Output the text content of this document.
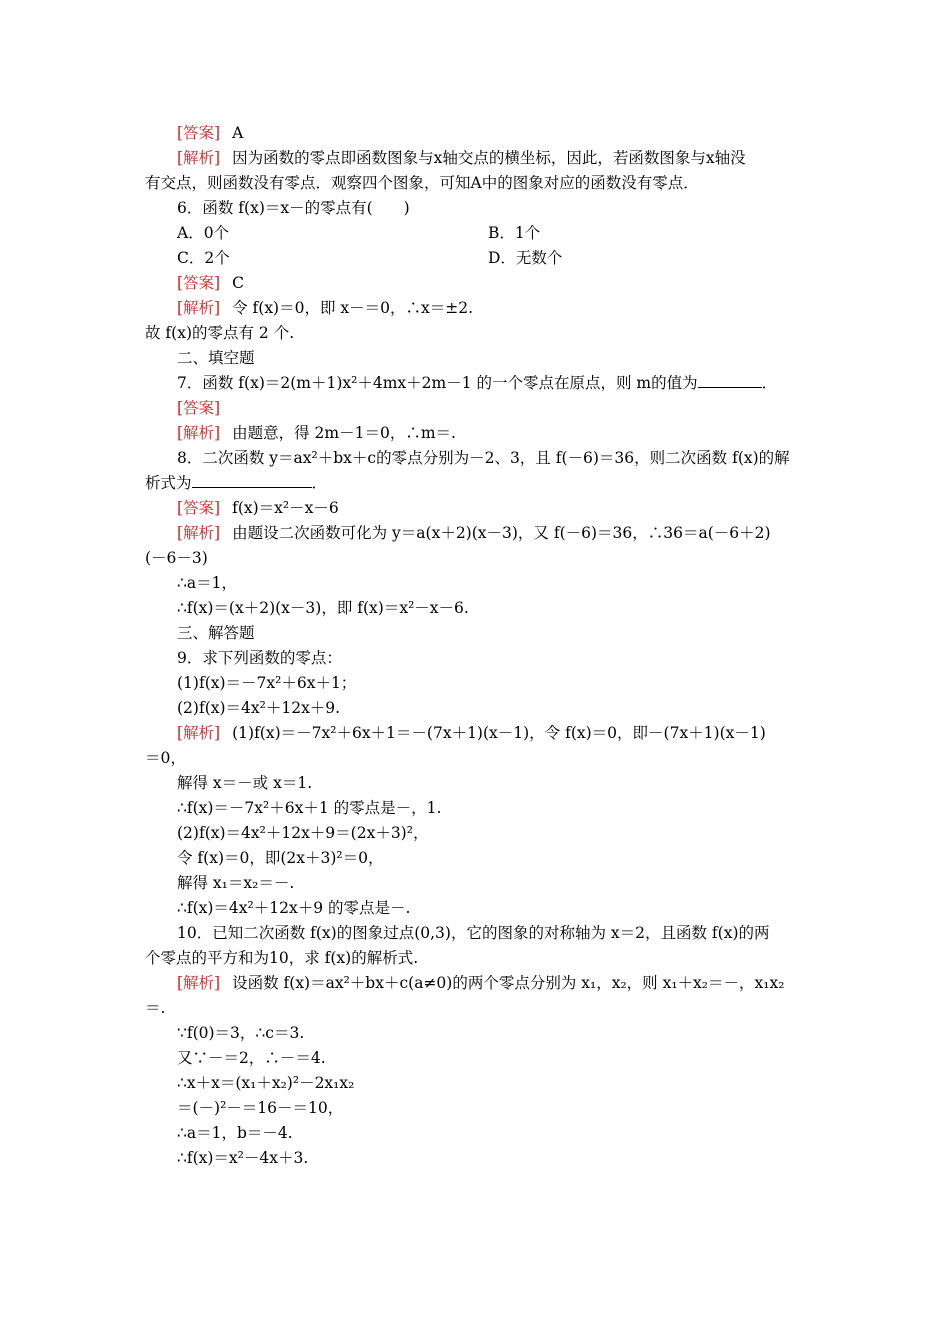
[答案] A
[解析] 因为函数的零点即函数图象与x轴交点的横坐标，因此，若函数图象与x轴没
有交点，则函数没有零点．观察四个图象，可知A中的图象对应的函数没有零点．
6．函数 f(x)＝x－的零点有(　　)
A．0个	B．1个
C．2个	D．无数个
[答案] C
[解析] 令 f(x)＝0，即 x－＝0，∴x＝±2.
故 f(x)的零点有 2 个.
二、填空题
7．函数 f(x)＝2(m＋1)x²＋4mx＋2m－1 的一个零点在原点，则 m的值为	．
[答案]
[解析] 由题意，得 2m－1＝0，∴m＝.
8．二次函数 y＝ax²＋bx＋c的零点分别为－2、3，且 f(－6)＝36，则二次函数 f(x)的解
析式为	．
[答案] f(x)＝x²－x－6
[解析] 由题设二次函数可化为 y＝a(x＋2)(x－3)，又 f(－6)＝36，∴36＝a(－6＋2)
(－6－3)
∴a＝1，
∴f(x)＝(x＋2)(x－3)，即 f(x)＝x²－x－6.
三、解答题
9．求下列函数的零点：
(1)f(x)＝－7x²＋6x＋1；
(2)f(x)＝4x²＋12x＋9.
[解析] (1)f(x)＝－7x²＋6x＋1＝－(7x＋1)(x－1)，令 f(x)＝0，即－(7x＋1)(x－1)
＝0，
解得 x＝－或 x＝1.
∴f(x)＝－7x²＋6x＋1 的零点是－，1.
(2)f(x)＝4x²＋12x＋9＝(2x＋3)²，
令 f(x)＝0，即(2x＋3)²＝0，
解得 x₁＝x₂＝－.
∴f(x)＝4x²＋12x＋9 的零点是－.
10．已知二次函数 f(x)的图象过点(0,3)，它的图象的对称轴为 x＝2，且函数 f(x)的两
个零点的平方和为10，求 f(x)的解析式.
[解析] 设函数 f(x)＝ax²＋bx＋c(a≠0)的两个零点分别为 x₁，x₂，则 x₁＋x₂＝－，x₁x₂
＝.
∵f(0)＝3，∴c＝3.
又∵－＝2，∴－＝4.
∴x＋x＝(x₁＋x₂)²－2x₁x₂
＝(－)²－＝16－＝10，
∴a＝1，b＝－4.
∴f(x)＝x²－4x＋3.
